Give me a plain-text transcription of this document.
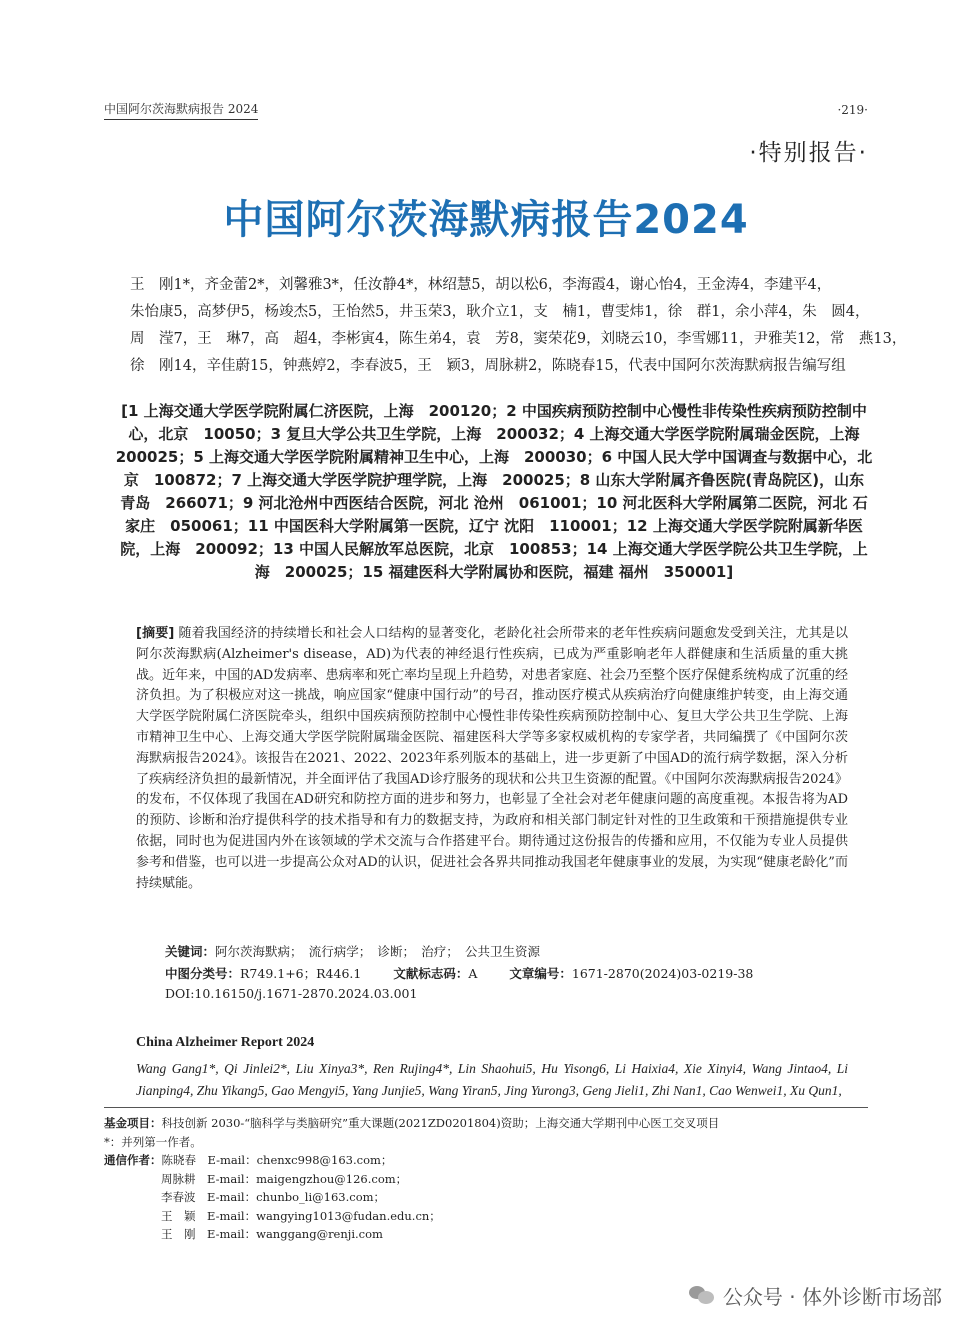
中国阿尔茨海默病报告 2024	·219·
·特别报告·
中国阿尔茨海默病报告2024
王　刚1*，齐金蕾2*，刘馨雅3*，任汝静4*，林绍慧5，胡以松6，李海霞4，谢心怡4，王金涛4，李建平4，
朱怡康5，高梦伊5，杨竣杰5，王怡然5，井玉荣3，耿介立1，支　楠1，曹雯炜1，徐　群1，余小萍4，朱　圆4，
周　滢7，王　琳7，高　超4，李彬寅4，陈生弟4，袁　芳8，窦荣花9，刘晓云10，李雪娜11，尹雅芙12，常　燕13，
徐　刚14，辛佳蔚15，钟燕婷2，李春波5，王　颖3，周脉耕2，陈晓春15，代表中国阿尔茨海默病报告编写组
[1 上海交通大学医学院附属仁济医院，上海　200120；2 中国疾病预防控制中心慢性非传染性疾病预防控制中心，北京　10050；3 复旦大学公共卫生学院，上海　200032；4 上海交通大学医学院附属瑞金医院，上海　200025；5 上海交通大学医学院附属精神卫生中心，上海　200030；6 中国人民大学中国调查与数据中心，北京　100872；7 上海交通大学医学院护理学院，上海　200025；8 山东大学附属齐鲁医院(青岛院区)，山东 青岛　266071；9 河北沧州中西医结合医院，河北 沧州　061001；10 河北医科大学附属第二医院，河北 石家庄　050061；11 中国医科大学附属第一医院，辽宁 沈阳　110001；12 上海交通大学医学院附属新华医院，上海　200092；13 中国人民解放军总医院，北京　100853；14 上海交通大学医学院公共卫生学院，上海　200025；15 福建医科大学附属协和医院，福建 福州　350001]
[摘要] 随着我国经济的持续增长和社会人口结构的显著变化，老龄化社会所带来的老年性疾病问题愈发受到关注，尤其是以阿尔茨海默病(Alzheimer's disease，AD)为代表的神经退行性疾病，已成为严重影响老年人群健康和生活质量的重大挑战。近年来，中国的AD发病率、患病率和死亡率均呈现上升趋势，对患者家庭、社会乃至整个医疗保健系统构成了沉重的经济负担。为了积极应对这一挑战，响应国家“健康中国行动”的号召，推动医疗模式从疾病治疗向健康维护转变，由上海交通大学医学院附属仁济医院牵头，组织中国疾病预防控制中心慢性非传染性疾病预防控制中心、复旦大学公共卫生学院、上海市精神卫生中心、上海交通大学医学院附属瑞金医院、福建医科大学等多家权威机构的专家学者，共同编撰了《中国阿尔茨海默病报告2024》。该报告在2021、2022、2023年系列版本的基础上，进一步更新了中国AD的流行病学数据，深入分析了疾病经济负担的最新情况，并全面评估了我国AD诊疗服务的现状和公共卫生资源的配置。《中国阿尔茨海默病报告2024》的发布，不仅体现了我国在AD研究和防控方面的进步和努力，也彰显了全社会对老年健康问题的高度重视。本报告将为AD的预防、诊断和治疗提供科学的技术指导和有力的数据支持，为政府和相关部门制定针对性的卫生政策和干预措施提供专业依据，同时也为促进国内外在该领域的学术交流与合作搭建平台。期待通过这份报告的传播和应用，不仅能为专业人员提供参考和借鉴，也可以进一步提高公众对AD的认识，促进社会各界共同推动我国老年健康事业的发展，为实现“健康老龄化”而持续赋能。
关键词：阿尔茨海默病；　流行病学；　诊断；　治疗；　公共卫生资源
中图分类号：R749.1+6；R446.1	文献标志码：A	文章编号：1671-2870(2024)03-0219-38
DOI:10.16150/j.1671-2870.2024.03.001
China Alzheimer Report 2024
Wang Gang1*, Qi Jinlei2*, Liu Xinya3*, Ren Rujing4*, Lin Shaohui5, Hu Yisong6, Li Haixia4, Xie Xinyi4, Wang Jintao4, Li Jianping4, Zhu Yikang5, Gao Mengyi5, Yang Junjie5, Wang Yiran5, Jing Yurong3, Geng Jieli1, Zhi Nan1, Cao Wenwei1, Xu Qun1,
基金项目：科技创新 2030-“脑科学与类脑研究”重大课题(2021ZD0201804)资助；上海交通大学期刊中心医工交叉项目
*：并列第一作者。
通信作者：陈晓春　E-mail：chenxc998@163.com；
周脉耕　E-mail：maigengzhou@126.com；
李春波　E-mail：chunbo_li@163.com；
王　颖　E-mail：wangying1013@fudan.edu.cn；
王　刚　E-mail：wanggang@renji.com
公众号 · 体外诊断市场部
